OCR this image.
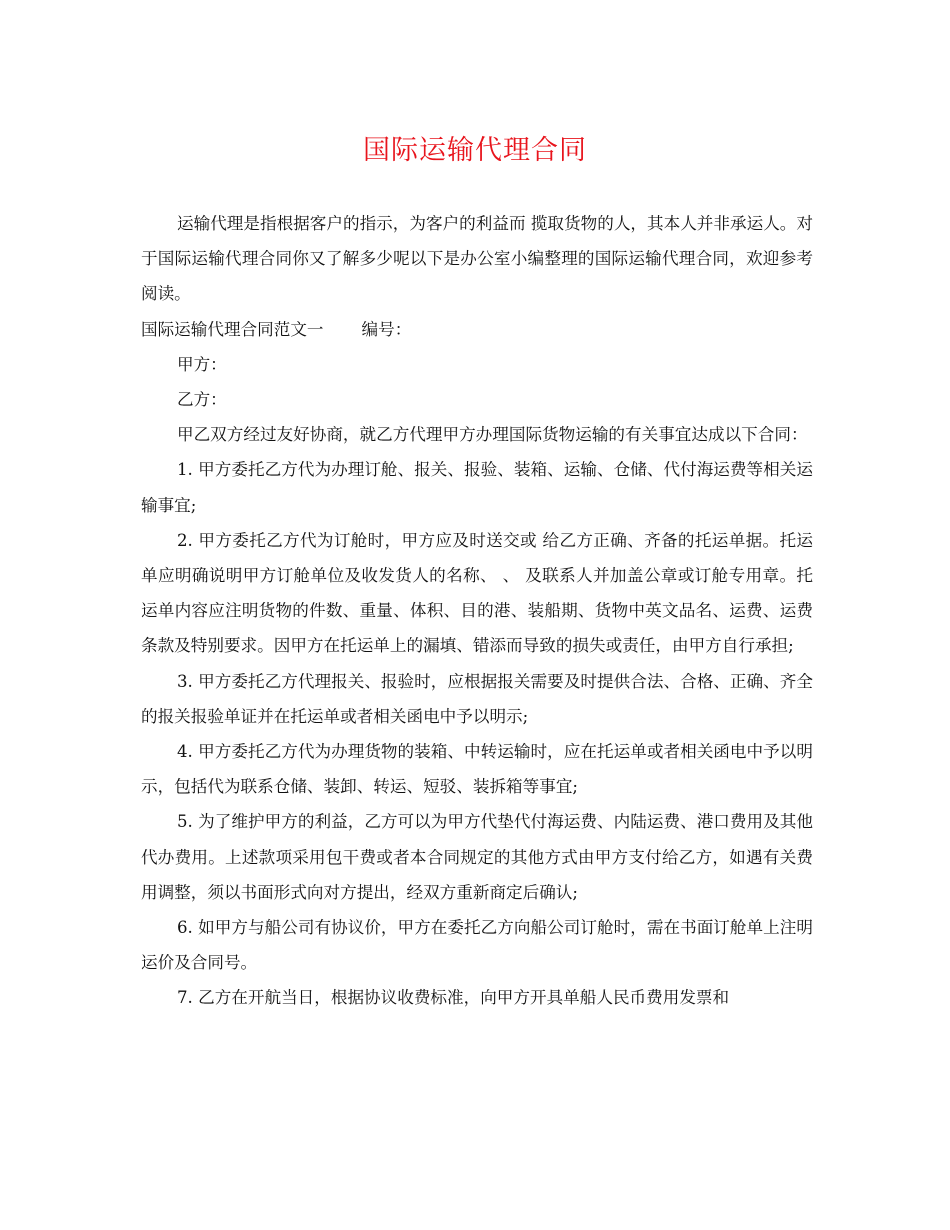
国际运输代理合同

运输代理是指根据客户的指示，为客户的利益而 揽取货物的人，其本人并非承运人。对于国际运输代理合同你又了解多少呢以下是办公室小编整理的国际运输代理合同，欢迎参考阅读。

国际运输代理合同范文一 编号：

甲方：

乙方：

甲乙双方经过友好协商，就乙方代理甲方办理国际货物运输的有关事宜达成以下合同：

1. 甲方委托乙方代为办理订舱、报关、报验、装箱、运输、仓储、代付海运费等相关运输事宜;

2. 甲方委托乙方代为订舱时，甲方应及时送交或 给乙方正确、齐备的托运单据。托运单应明确说明甲方订舱单位及收发货人的名称、 、 及联系人并加盖公章或订舱专用章。托运单内容应注明货物的件数、重量、体积、目的港、装船期、货物中英文品名、运费、运费条款及特别要求。因甲方在托运单上的漏填、错添而导致的损失或责任，由甲方自行承担;

3. 甲方委托乙方代理报关、报验时，应根据报关需要及时提供合法、合格、正确、齐全的报关报验单证并在托运单或者相关函电中予以明示;

4. 甲方委托乙方代为办理货物的装箱、中转运输时，应在托运单或者相关函电中予以明示，包括代为联系仓储、装卸、转运、短驳、装拆箱等事宜;

5. 为了维护甲方的利益，乙方可以为甲方代垫代付海运费、内陆运费、港口费用及其他代办费用。上述款项采用包干费或者本合同规定的其他方式由甲方支付给乙方，如遇有关费用调整，须以书面形式向对方提出，经双方重新商定后确认;

6. 如甲方与船公司有协议价，甲方在委托乙方向船公司订舱时，需在书面订舱单上注明运价及合同号。

7. 乙方在开航当日，根据协议收费标准，向甲方开具单船人民币费用发票和
